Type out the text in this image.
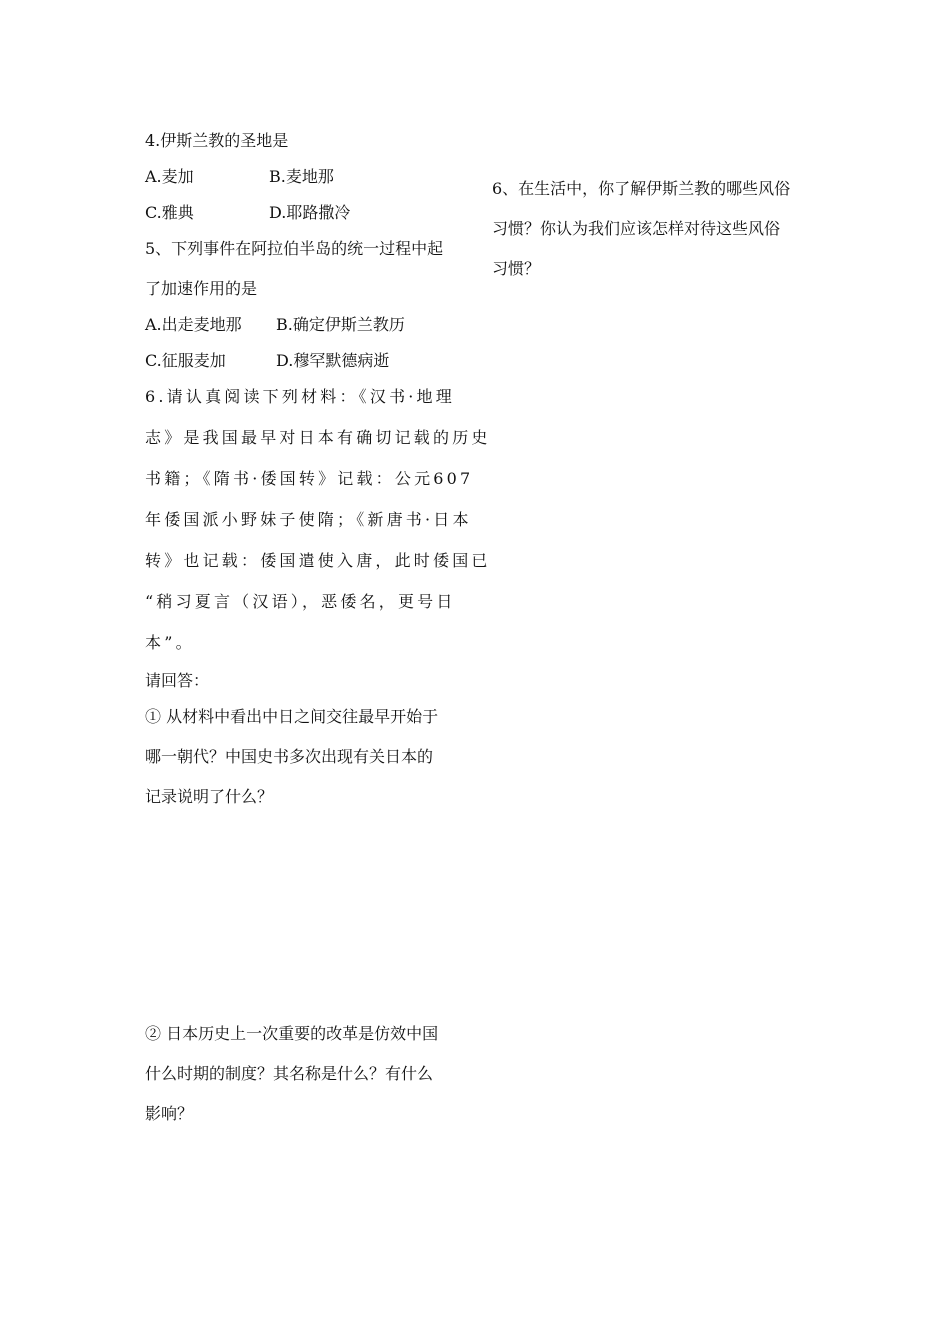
4.伊斯兰教的圣地是
A.麦加	B.麦地那
C.雅典	D.耶路撒冷
5、下列事件在阿拉伯半岛的统一过程中起
了加速作用的是
A.出走麦地那 B.确定伊斯兰教历
C.征服麦加	D.穆罕默德病逝
6.请认真阅读下列材料：《汉书·地理
志》是我国最早对日本有确切记载的历史
书籍；《隋书·倭国转》记载：公元607
年倭国派小野妹子使隋；《新唐书·日本
转》也记载：倭国遣使入唐，此时倭国已
“稍习夏言（汉语），恶倭名，更号日
本”。
请回答：
① 从材料中看出中日之间交往最早开始于
哪一朝代？中国史书多次出现有关日本的
记录说明了什么？
② 日本历史上一次重要的改革是仿效中国
什么时期的制度？其名称是什么？有什么
影响？
6、在生活中，你了解伊斯兰教的哪些风俗
习惯？你认为我们应该怎样对待这些风俗
习惯？
